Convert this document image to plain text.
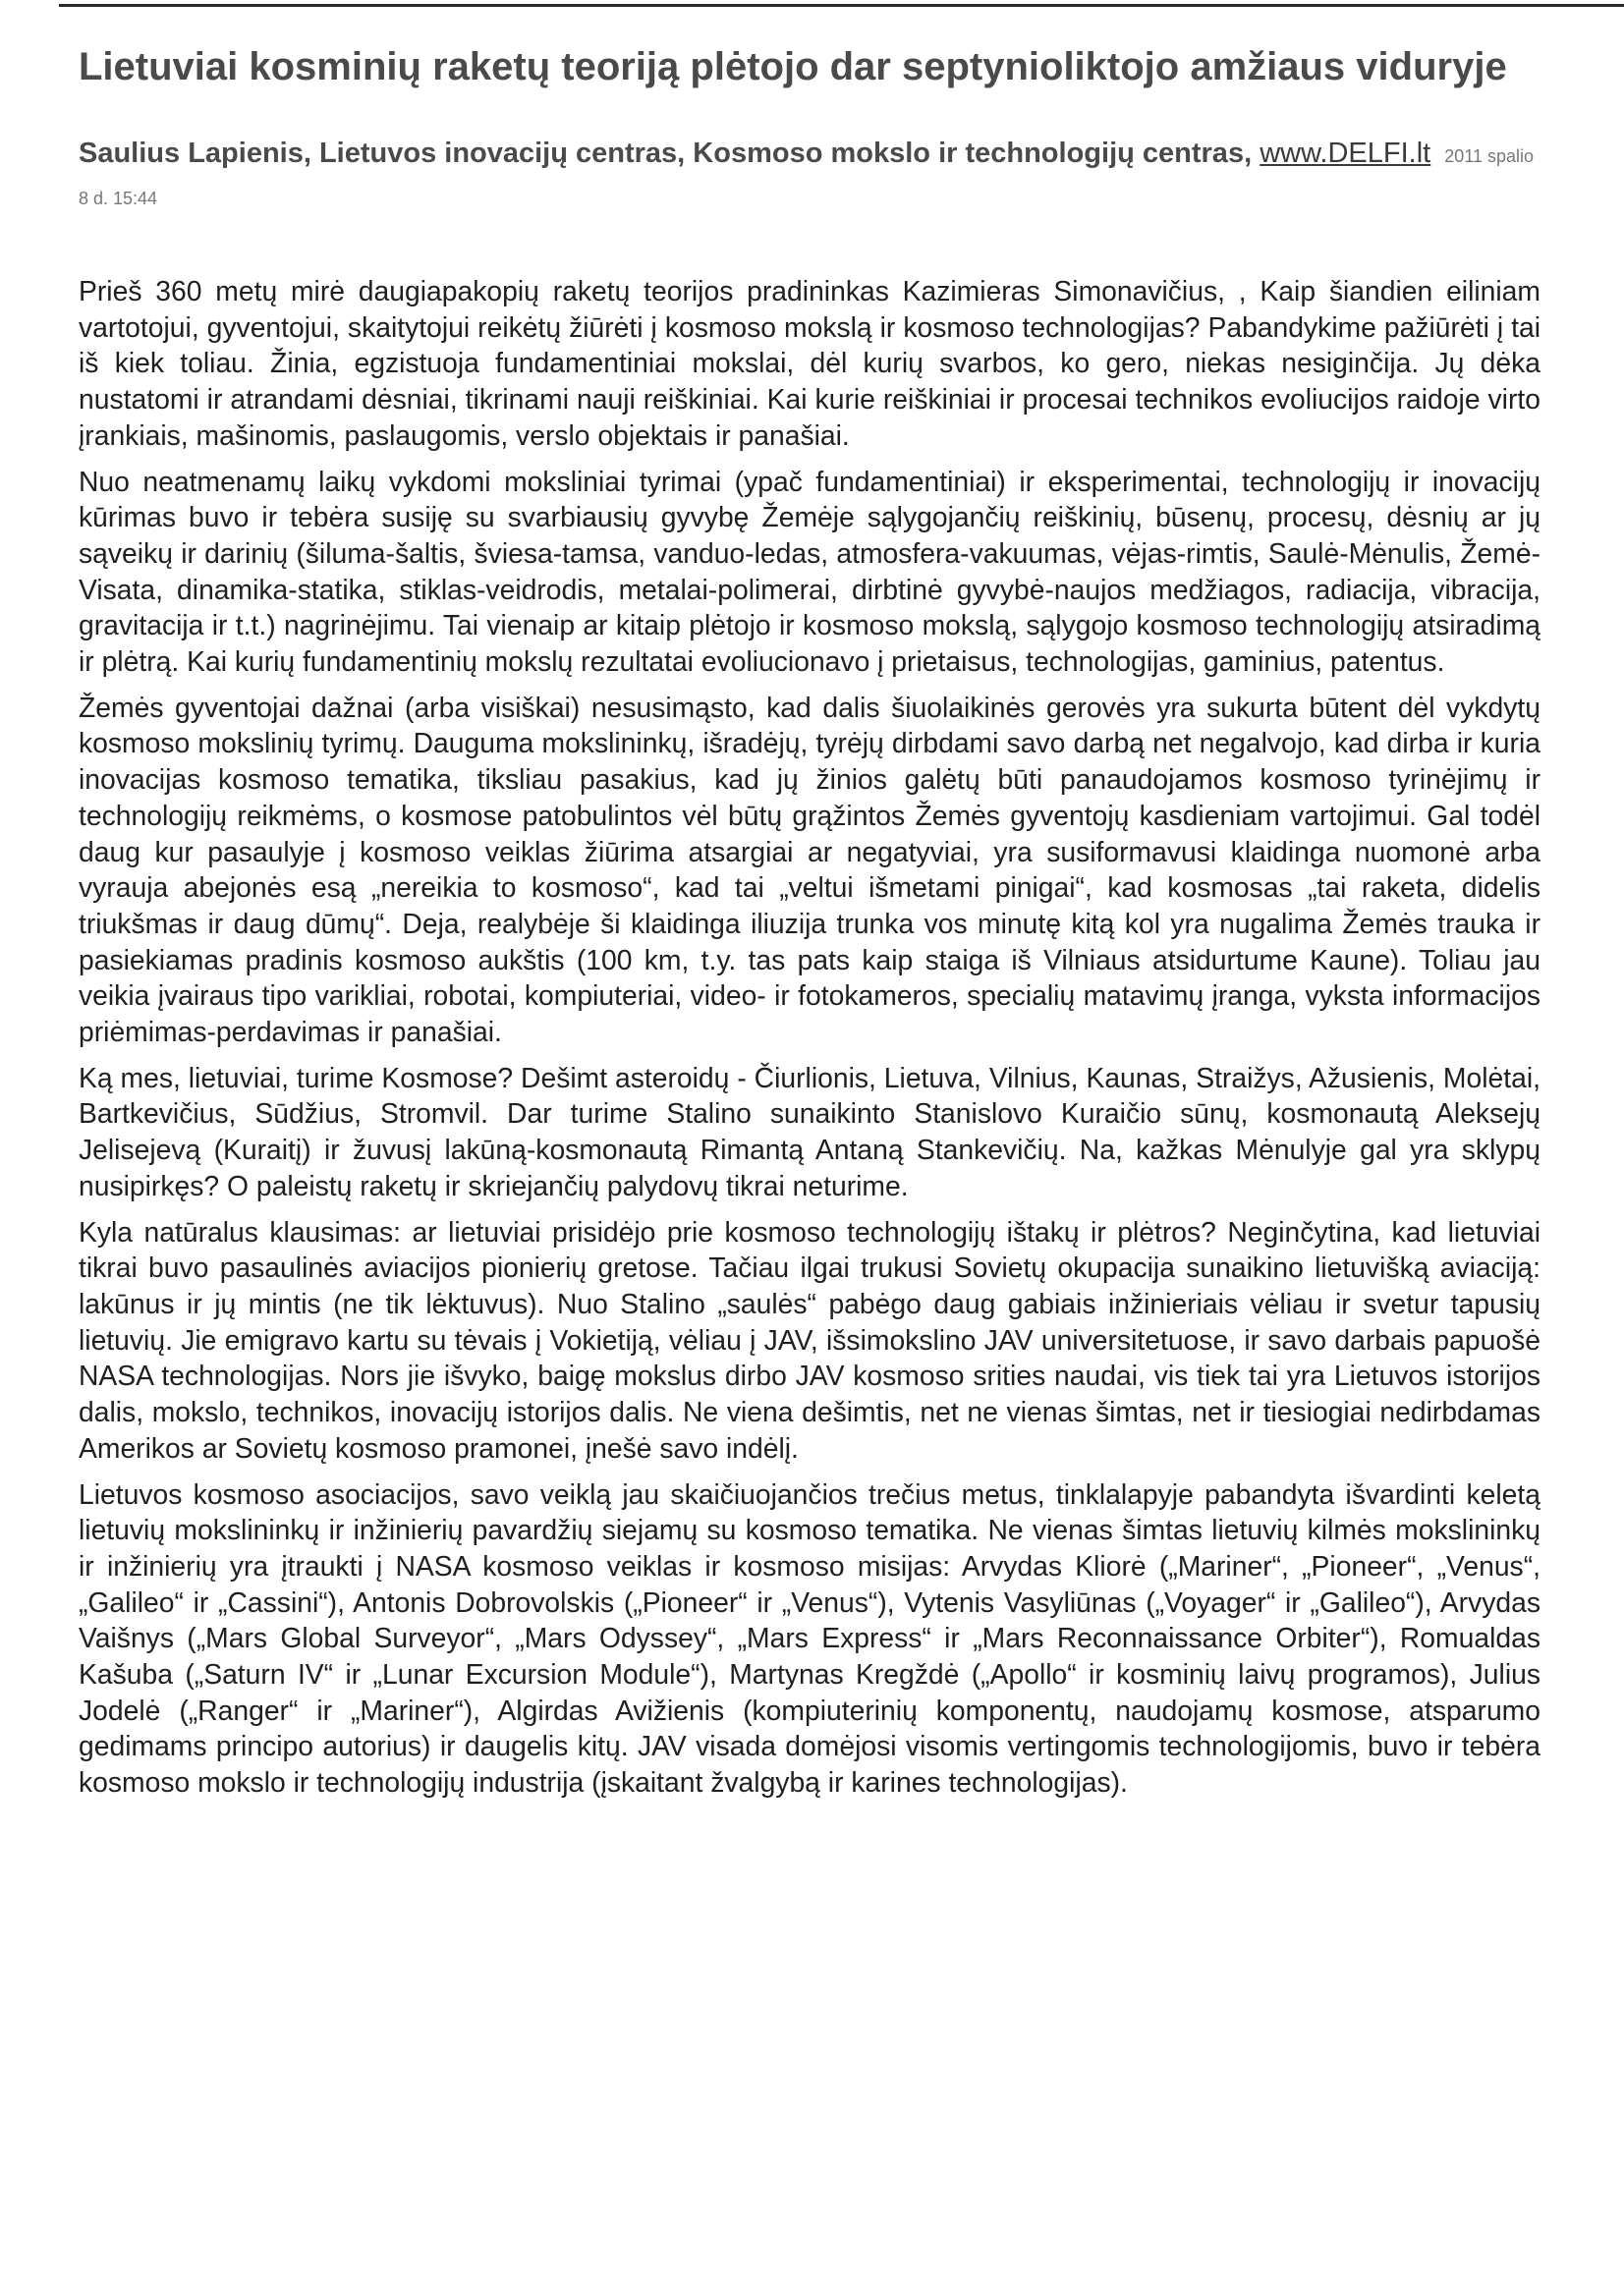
Lietuviai kosminių raketų teoriją plėtojo dar septynioliktojo amžiaus viduryje
Saulius Lapienis, Lietuvos inovacijų centras, Kosmoso mokslo ir technologijų centras, www.DELFI.lt 2011 spalio 8 d. 15:44

Prieš 360 metų mirė daugiapakopių raketų teorijos pradininkas Kazimieras Simonavičius, , Kaip šiandien eiliniam vartotojui, gyventojui, skaitytojui reikėtų žiūrėti į kosmoso mokslą ir kosmoso technologijas? Pabandykime pažiūrėti į tai iš kiek toliau. Žinia, egzistuoja fundamentiniai mokslai, dėl kurių svarbos, ko gero, niekas nesiginčija. Jų dėka nustatomi ir atrandami dėsniai, tikrinami nauji reiškiniai. Kai kurie reiškiniai ir procesai technikos evoliucijos raidoje virto įrankiais, mašinomis, paslaugomis, verslo objektais ir panašiai.

Nuo neatmenamų laikų vykdomi moksliniai tyrimai (ypač fundamentiniai) ir eksperimentai, technologijų ir inovacijų kūrimas buvo ir tebėra susiję su svarbiausių gyvybę Žemėje sąlygojančių reiškinių, būsenų, procesų, dėsnių ar jų sąveikų ir darinių (šiluma-šaltis, šviesa-tamsa, vanduo-ledas, atmosfera-vakuumas, vėjas-rimtis, Saulė-Mėnulis, Žemė-Visata, dinamika-statika, stiklas-veidrodis, metalai-polimerai, dirbtinė gyvybė-naujos medžiagos, radiacija, vibracija, gravitacija ir t.t.) nagrinėjimu. Tai vienaip ar kitaip plėtojo ir kosmoso mokslą, sąlygojo kosmoso technologijų atsiradimą ir plėtrą. Kai kurių fundamentinių mokslų rezultatai evoliucionavo į prietaisus, technologijas, gaminius, patentus.

Žemės gyventojai dažnai (arba visiškai) nesusimąsto, kad dalis šiuolaikinės gerovės yra sukurta būtent dėl vykdytų kosmoso mokslinių tyrimų. Dauguma mokslininkų, išradėjų, tyrėjų dirbdami savo darbą net negalvojo, kad dirba ir kuria inovacijas kosmoso tematika, tiksliau pasakius, kad jų žinios galėtų būti panaudojamos kosmoso tyrinėjimų ir technologijų reikmėms, o kosmose patobulintos vėl būtų grąžintos Žemės gyventojų kasdieniam vartojimui. Gal todėl daug kur pasaulyje į kosmoso veiklas žiūrima atsargiai ar negatyviai, yra susiformavusi klaidinga nuomonė arba vyrauja abejonės esą „nereikia to kosmoso“, kad tai „veltui išmetami pinigai“, kad kosmosas „tai raketa, didelis triukšmas ir daug dūmų“. Deja, realybėje ši klaidinga iliuzija trunka vos minutę kitą kol yra nugalima Žemės trauka ir pasiekiamas pradinis kosmoso aukštis (100 km, t.y. tas pats kaip staiga iš Vilniaus atsidurtume Kaune). Toliau jau veikia įvairaus tipo varikliai, robotai, kompiuteriai, video- ir fotokameros, specialių matavimų įranga, vyksta informacijos priėmimas-perdavimas ir panašiai.

Ką mes, lietuviai, turime Kosmose? Dešimt asteroidų - Čiurlionis, Lietuva, Vilnius, Kaunas, Straižys, Ažusienis, Molėtai, Bartkevičius, Sūdžius, Stromvil. Dar turime Stalino sunaikinto Stanislovo Kuraičio sūnų, kosmonautą Aleksejų Jelisejevą (Kuraitį) ir žuvusį lakūną-kosmonautą Rimantą Antaną Stankevičių. Na, kažkas Mėnulyje gal yra sklypų nusipirkęs? O paleistų raketų ir skriejančių palydovų tikrai neturime.

Kyla natūralus klausimas: ar lietuviai prisidėjo prie kosmoso technologijų ištakų ir plėtros? Neginčytina, kad lietuviai tikrai buvo pasaulinės aviacijos pionierių gretose. Tačiau ilgai trukusi Sovietų okupacija sunaikino lietuvišką aviaciją: lakūnus ir jų mintis (ne tik lėktuvus). Nuo Stalino „saulės“ pabėgo daug gabiais inžinieriais vėliau ir svetur tapusių lietuvių. Jie emigravo kartu su tėvais į Vokietiją, vėliau į JAV, išsimokslino JAV universitetuose, ir savo darbais papuošė NASA technologijas. Nors jie išvyko, baigę mokslus dirbo JAV kosmoso srities naudai, vis tiek tai yra Lietuvos istorijos dalis, mokslo, technikos, inovacijų istorijos dalis. Ne viena dešimtis, net ne vienas šimtas, net ir tiesiogiai nedirbdamas Amerikos ar Sovietų kosmoso pramonei, įnešė savo indėlį.

Lietuvos kosmoso asociacijos, savo veiklą jau skaičiuojančios trečius metus, tinklalapyje pabandyta išvardinti keletą lietuvių mokslininkų ir inžinierių pavardžių siejamų su kosmoso tematika. Ne vienas šimtas lietuvių kilmės mokslininkų ir inžinierių yra įtraukti į NASA kosmoso veiklas ir kosmoso misijas: Arvydas Kliorė („Mariner“, „Pioneer“, „Venus“, „Galileo“ ir „Cassini“), Antonis Dobrovolskis („Pioneer“ ir „Venus“), Vytenis Vasyliūnas („Voyager“ ir „Galileo“), Arvydas Vaišnys („Mars Global Surveyor“, „Mars Odyssey“, „Mars Express“ ir „Mars Reconnaissance Orbiter“), Romualdas Kašuba („Saturn IV“ ir „Lunar Excursion Module“), Martynas Kregždė („Apollo“ ir kosminių laivų programos), Julius Jodelė („Ranger“ ir „Mariner“), Algirdas Avižienis (kompiuterinių komponentų, naudojamų kosmose, atsparumo gedimams principo autorius) ir daugelis kitų. JAV visada domėjosi visomis vertingomis technologijomis, buvo ir tebėra kosmoso mokslo ir technologijų industrija (įskaitant žvalgybą ir karines technologijas).
